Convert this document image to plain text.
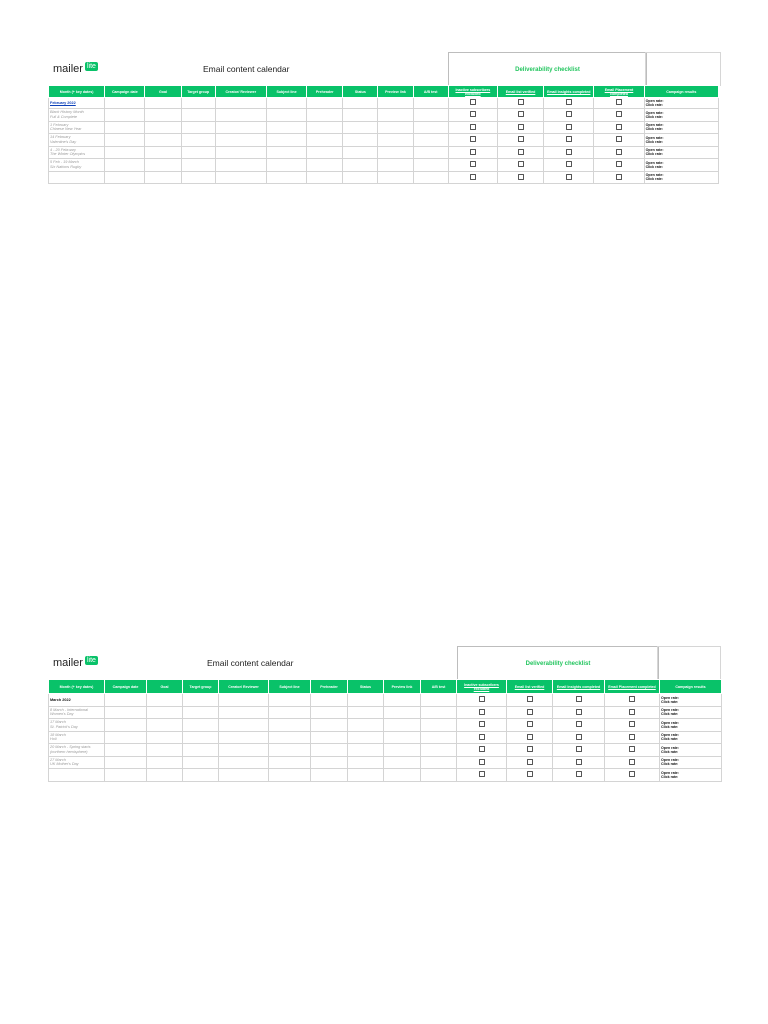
mailer lite	Email content calendar	Deliverability checklist
Month (+ key dates)	Campaign date	Goal	Target group	Creator/ Reviewer	Subject line	Preheader	Status	Preview link	A/B test	Inactive subscribers excluded	Email list verified	Email Insights completed	Email Placement completed	Campaign results
February 2022														Open rate:
Click rate:
Black History Month
Full & Complete														Open rate:
Click rate:
1 February
Chinese New Year														Open rate:
Click rate:
14 February
Valentine's Day														Open rate:
Click rate:
4 - 20 February
The Winter Olympics														Open rate:
Click rate:
5 Feb - 19 March
Six Nations Rugby														Open rate:
Click rate:
														Open rate:
Click rate:
mailer lite	Email content calendar	Deliverability checklist
Month (+ key dates)	Campaign date	Goal	Target group	Creator/ Reviewer	Subject line	Preheader	Status	Preview link	A/B test	Inactive subscribers excluded	Email list verified	Email Insights completed	Email Placement completed	Campaign results
March 2022														Open rate:
Click rate:
8 March - International
Women's Day														Open rate:
Click rate:
17 March
St. Patrick's Day														Open rate:
Click rate:
18 March
Holi														Open rate:
Click rate:
20 March - Spring starts
(northern hemisphere)														Open rate:
Click rate:
27 March
UK Mother's Day														Open rate:
Click rate:
														Open rate:
Click rate:
